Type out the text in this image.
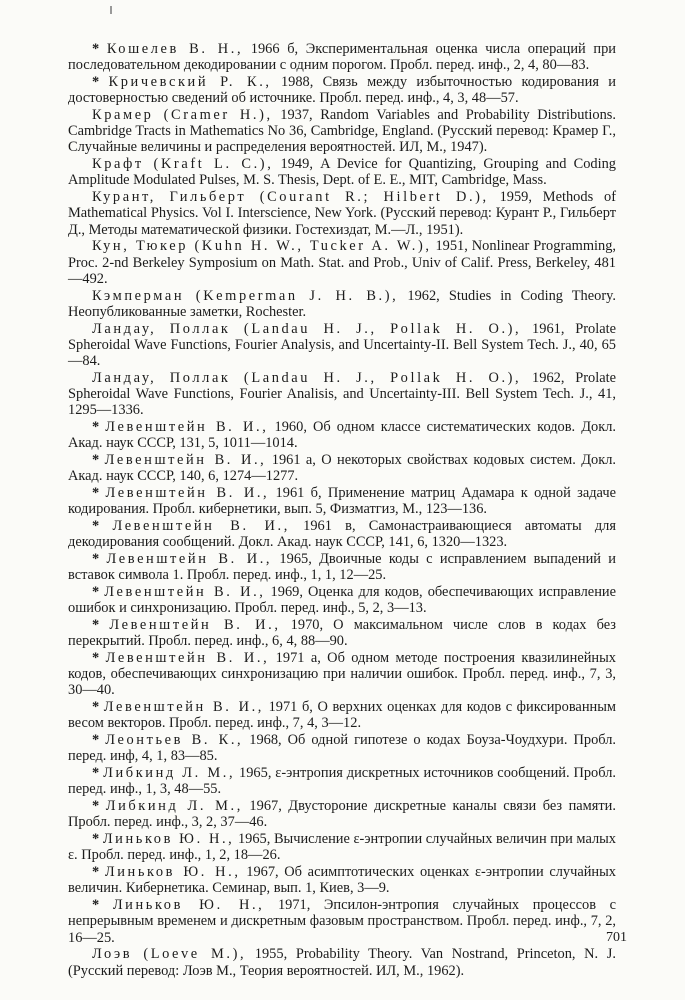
* Кошелев В. Н., 1966 б, Экспериментальная оценка числа операций при последовательном декодировании с одним порогом. Пробл. перед. инф., 2, 4, 80—83.

* Кричевский Р. К., 1988, Связь между избыточностью кодирования и достоверностью сведений об источнике. Пробл. перед. инф., 4, 3, 48—57.

Крамер (Cramer H.), 1937, Random Variables and Probability Distributions. Cambridge Tracts in Mathematics No 36, Cambridge, England. (Русский перевод: Крамер Г., Случайные величины и распределения вероятностей. ИЛ, М., 1947).

Крафт (Kraft L. C.), 1949, A Device for Quantizing, Grouping and Coding Amplitude Modulated Pulses, M. S. Thesis, Dept. of E. E., MIT, Cambridge, Mass.

Курант, Гильберт (Courant R.; Hilbert D.), 1959, Methods of Mathematical Physics. Vol I. Interscience, New York. (Русский перевод: Курант Р., Гильберт Д., Методы математической физики. Гостехиздат, М.—Л., 1951).

Кун, Тюкер (Kuhn H. W., Tucker A. W.), 1951, Nonlinear Programming, Proc. 2-nd Berkeley Symposium on Math. Stat. and Prob., Univ of Calif. Press, Berkeley, 481—492.

Кэмперман (Kemperman J. H. B.), 1962, Studies in Coding Theory. Неопубликованные заметки, Rochester.

Ландау, Поллак (Landau H. J., Pollak H. O.), 1961, Prolate Spheroidal Wave Functions, Fourier Analysis, and Uncertainty-II. Bell System Tech. J., 40, 65—84.

Ландау, Поллак (Landau H. J., Pollak H. O.), 1962, Prolate Spheroidal Wave Functions, Fourier Analisis, and Uncertainty-III. Bell System Tech. J., 41, 1295—1336.

* Левенштейн В. И., 1960, Об одном классе систематических кодов. Докл. Акад. наук СССР, 131, 5, 1011—1014.

* Левенштейн В. И., 1961 а, О некоторых свойствах кодовых систем. Докл. Акад. наук СССР, 140, 6, 1274—1277.

* Левенштейн В. И., 1961 б, Применение матриц Адамара к одной задаче кодирования. Пробл. кибернетики, вып. 5, Физматгиз, М., 123—136.

* Левенштейн В. И., 1961 в, Самонастраивающиеся автоматы для декодирования сообщений. Докл. Акад. наук СССР, 141, 6, 1320—1323.

* Левенштейн В. И., 1965, Двоичные коды с исправлением выпадений и вставок символа 1. Пробл. перед. инф., 1, 1, 12—25.

* Левенштейн В. И., 1969, Оценка для кодов, обеспечивающих исправление ошибок и синхронизацию. Пробл. перед. инф., 5, 2, 3—13.

* Левенштейн В. И., 1970, О максимальном числе слов в кодах без перекрытий. Пробл. перед. инф., 6, 4, 88—90.

* Левенштейн В. И., 1971 а, Об одном методе построения квазилинейных кодов, обеспечивающих синхронизацию при наличии ошибок. Пробл. перед. инф., 7, 3, 30—40.

* Левенштейн В. И., 1971 б, О верхних оценках для кодов с фиксированным весом векторов. Пробл. перед. инф., 7, 4, 3—12.

* Леонтьев В. К., 1968, Об одной гипотезе о кодах Боуза-Чоудхури. Пробл. перед. инф, 4, 1, 83—85.

* Либкинд Л. М., 1965, ε-энтропия дискретных источников сообщений. Пробл. перед. инф., 1, 3, 48—55.

* Либкинд Л. М., 1967, Двустороние дискретные каналы связи без памяти. Пробл. перед. инф., 3, 2, 37—46.

* Линьков Ю. Н., 1965, Вычисление ε-энтропии случайных величин при малых ε. Пробл. перед. инф., 1, 2, 18—26.

* Линьков Ю. Н., 1967, Об асимптотических оценках ε-энтропии случайных величин. Кибернетика. Семинар, вып. 1, Киев, 3—9.

* Линьков Ю. Н., 1971, Эпсилон-энтропия случайных процессов с непрерывным временем и дискретным фазовым пространством. Пробл. перед. инф., 7, 2, 16—25.

Лоэв (Loeve M.), 1955, Probability Theory. Van Nostrand, Princeton, N. J. (Русский перевод: Лоэв М., Теория вероятностей. ИЛ, М., 1962).

701
